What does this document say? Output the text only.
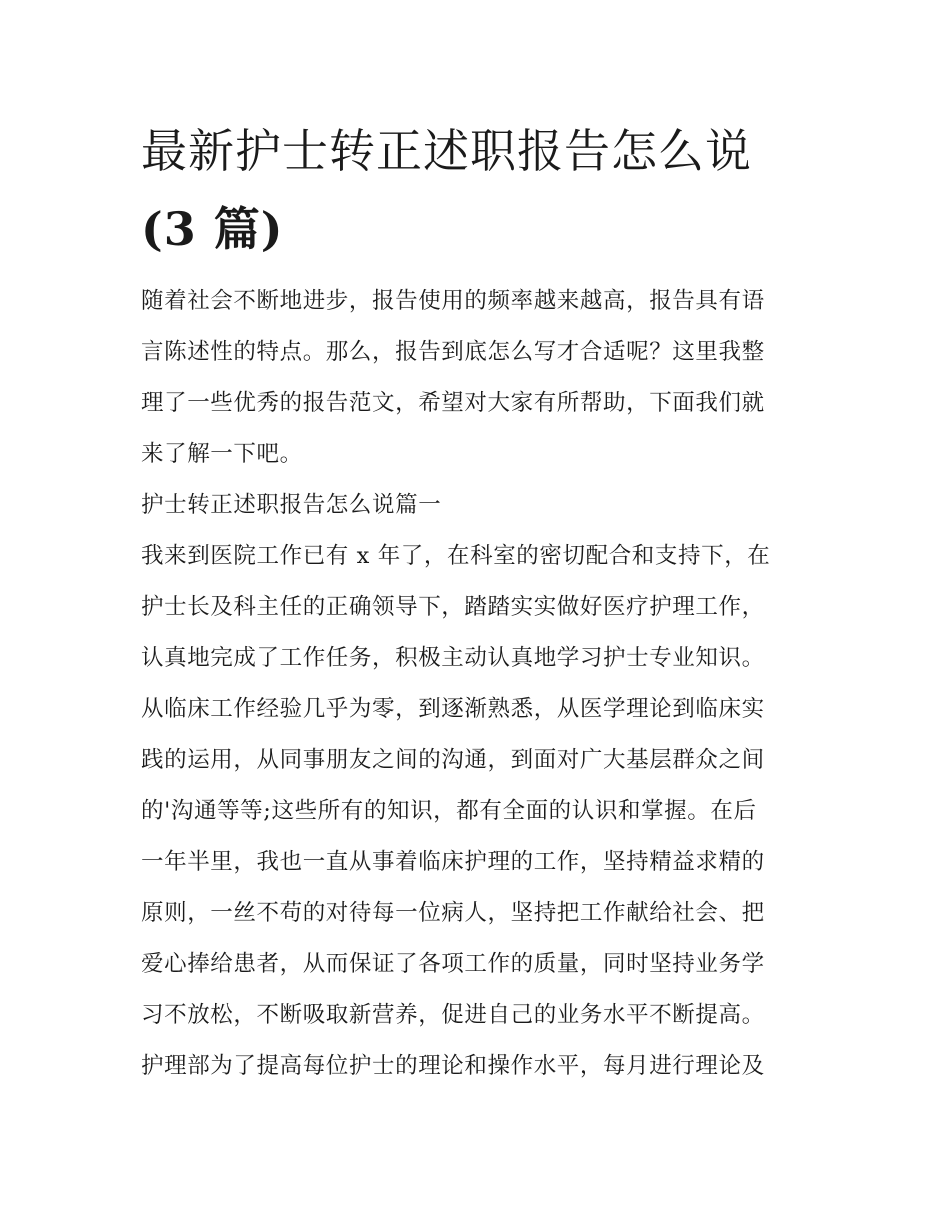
最新护士转正述职报告怎么说
(3 篇)
随着社会不断地进步，报告使用的频率越来越高，报告具有语
言陈述性的特点。那么，报告到底怎么写才合适呢？这里我整
理了一些优秀的报告范文，希望对大家有所帮助，下面我们就
来了解一下吧。
护士转正述职报告怎么说篇一
我来到医院工作已有 x 年了，在科室的密切配合和支持下，在
护士长及科主任的正确领导下，踏踏实实做好医疗护理工作，
认真地完成了工作任务，积极主动认真地学习护士专业知识。
从临床工作经验几乎为零，到逐渐熟悉，从医学理论到临床实
践的运用，从同事朋友之间的沟通，到面对广大基层群众之间
的'沟通等等;这些所有的知识，都有全面的认识和掌握。在后
一年半里，我也一直从事着临床护理的工作，坚持精益求精的
原则，一丝不苟的对待每一位病人，坚持把工作献给社会、把
爱心捧给患者，从而保证了各项工作的质量，同时坚持业务学
习不放松，不断吸取新营养，促进自己的业务水平不断提高。
护理部为了提高每位护士的理论和操作水平，每月进行理论及
